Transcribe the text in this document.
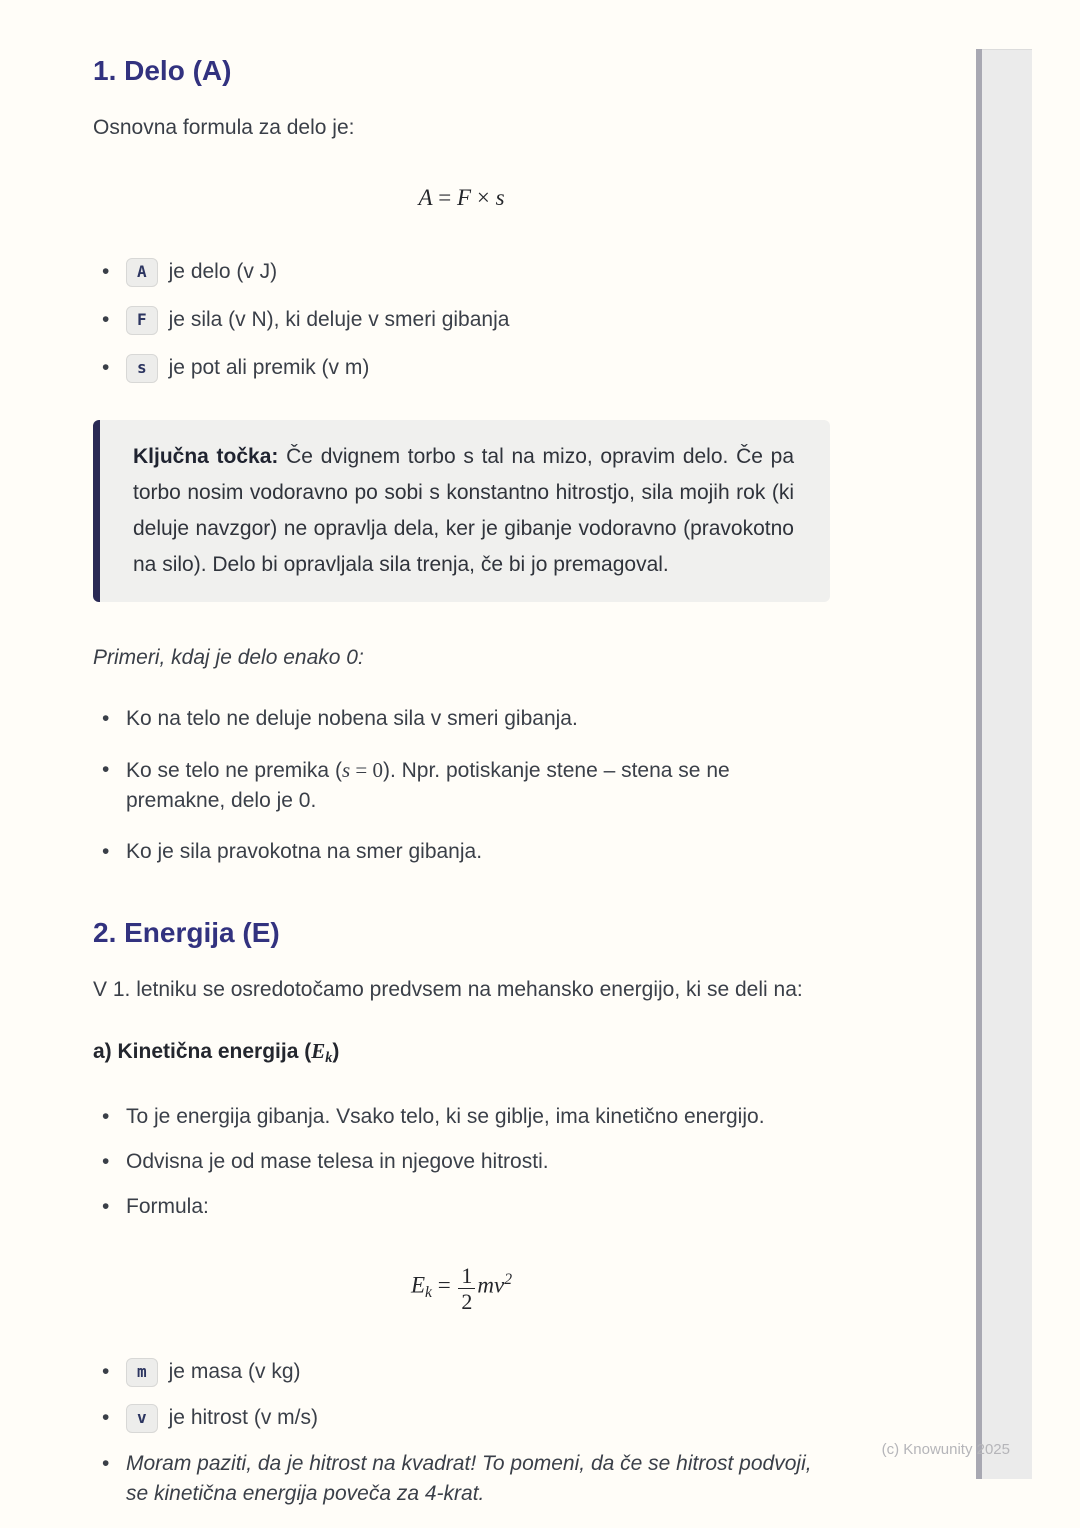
1. Delo (A)

Osnovna formula za delo je:

A = F × s
• A je delo (v J)
• F je sila (v N), ki deluje v smeri gibanja
• s je pot ali premik (v m)
Ključna točka: Če dvignem torbo s tal na mizo, opravim delo. Če pa torbo nosim vodoravno po sobi s konstantno hitrostjo, sila mojih rok (ki deluje navzgor) ne opravlja dela, ker je gibanje vodoravno (pravokotno na silo). Delo bi opravljala sila trenja, če bi jo premagoval.

Primeri, kdaj je delo enako 0:

• Ko na telo ne deluje nobena sila v smeri gibanja.
• Ko se telo ne premika (s = 0). Npr. potiskanje stene – stena se ne premakne, delo je 0.
• Ko je sila pravokotna na smer gibanja.
2. Energija (E)

V 1. letniku se osredotočamo predvsem na mehansko energijo, ki se deli na:

a) Kinetična energija (Ek)

• To je energija gibanja. Vsako telo, ki se giblje, ima kinetično energijo.
• Odvisna je od mase telesa in njegove hitrosti.
• Formula:
$Ek = \frac{1}{2} mv^2$
• m je masa (v kg)
• v je hitrost (v m/s)
• Moram paziti, da je hitrost na kvadrat! To pomeni, da če se hitrost podvoji, se kinetična energija poveča za 4-krat.
(c) Knowunity 2025
